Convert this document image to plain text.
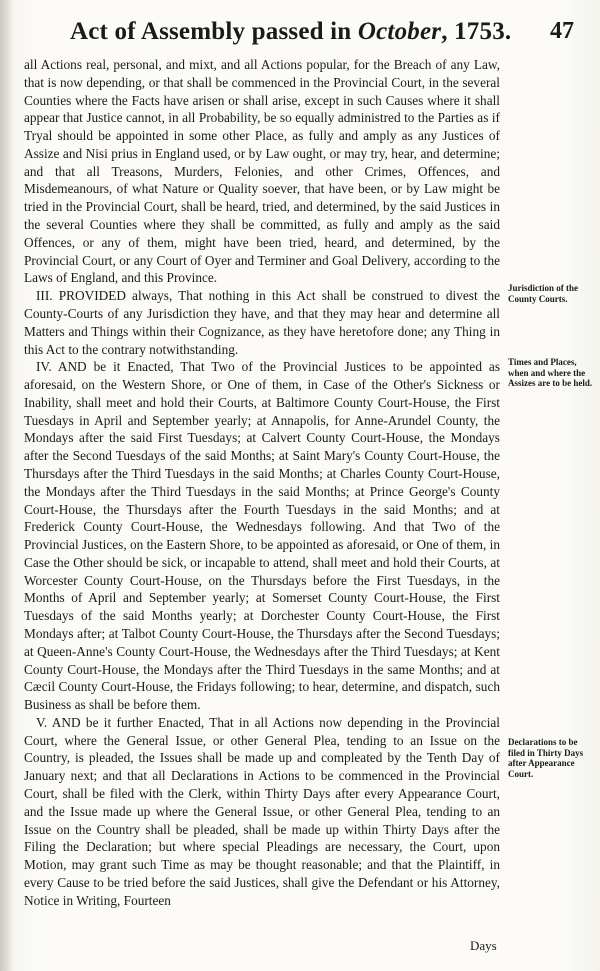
Act of Assembly passed in October, 1753. 47

all Actions real, personal, and mixt, and all Actions popular, for the Breach of any Law, that is now depending, or that shall be commenced in the Provincial Court, in the several Counties where the Facts have arisen or shall arise, except in such Causes where it shall appear that Justice cannot, in all Probability, be so equally administred to the Parties as if Tryal should be appointed in some other Place, as fully and amply as any Justices of Assize and Nisi prius in England used, or by Law ought, or may try, hear, and determine; and that all Treasons, Murders, Felonies, and other Crimes, Offences, and Misdemeanours, of what Nature or Quality soever, that have been, or by Law might be tried in the Provincial Court, shall be heard, tried, and determined, by the said Justices in the several Counties where they shall be committed, as fully and amply as the said Offences, or any of them, might have been tried, heard, and determined, by the Provincial Court, or any Court of Oyer and Terminer and Goal Delivery, according to the Laws of England, and this Province.

III. PROVIDED always, That nothing in this Act shall be construed to divest the County-Courts of any Jurisdiction they have, and that they may hear and determine all Matters and Things within their Cognizance, as they have heretofore done; any Thing in this Act to the contrary notwithstanding.

IV. AND be it Enacted, That Two of the Provincial Justices to be appointed as aforesaid, on the Western Shore, or One of them, in Case of the Other's Sickness or Inability, shall meet and hold their Courts, at Baltimore County Court-House, the First Tuesdays in April and September yearly; at Annapolis, for Anne-Arundel County, the Mondays after the said First Tuesdays; at Calvert County Court-House, the Mondays after the Second Tuesdays of the said Months; at Saint Mary's County Court-House, the Thursdays after the Third Tuesdays in the said Months; at Charles County Court-House, the Mondays after the Third Tuesdays in the said Months; at Prince George's County Court-House, the Thursdays after the Fourth Tuesdays in the said Months; and at Frederick County Court-House, the Wednesdays following. And that Two of the Provincial Justices, on the Eastern Shore, to be appointed as aforesaid, or One of them, in Case the Other should be sick, or incapable to attend, shall meet and hold their Courts, at Worcester County Court-House, on the Thursdays before the First Tuesdays, in the Months of April and September yearly; at Somerset County Court-House, the First Tuesdays of the said Months yearly; at Dorchester County Court-House, the First Mondays after; at Talbot County Court-House, the Thursdays after the Second Tuesdays; at Queen-Anne's County Court-House, the Wednesdays after the Third Tuesdays; at Kent County Court-House, the Mondays after the Third Tuesdays in the same Months; and at Cæcil County Court-House, the Fridays following; to hear, determine, and dispatch, such Business as shall be before them.

V. AND be it further Enacted, That in all Actions now depending in the Provincial Court, where the General Issue, or other General Plea, tending to an Issue on the Country, is pleaded, the Issues shall be made up and compleated by the Tenth Day of January next; and that all Declarations in Actions to be commenced in the Provincial Court, shall be filed with the Clerk, within Thirty Days after every Appearance Court, and the Issue made up where the General Issue, or other General Plea, tending to an Issue on the Country shall be pleaded, shall be made up within Thirty Days after the Filing the Declaration; but where special Pleadings are necessary, the Court, upon Motion, may grant such Time as may be thought reasonable; and that the Plaintiff, in every Cause to be tried before the said Justices, shall give the Defendant or his Attorney, Notice in Writing, Fourteen

Jurisdiction of the County Courts.
Times and Places, when and where the Assizes are to be held.
Declarations to be filed in Thirty Days after Appearance Court.
Days
